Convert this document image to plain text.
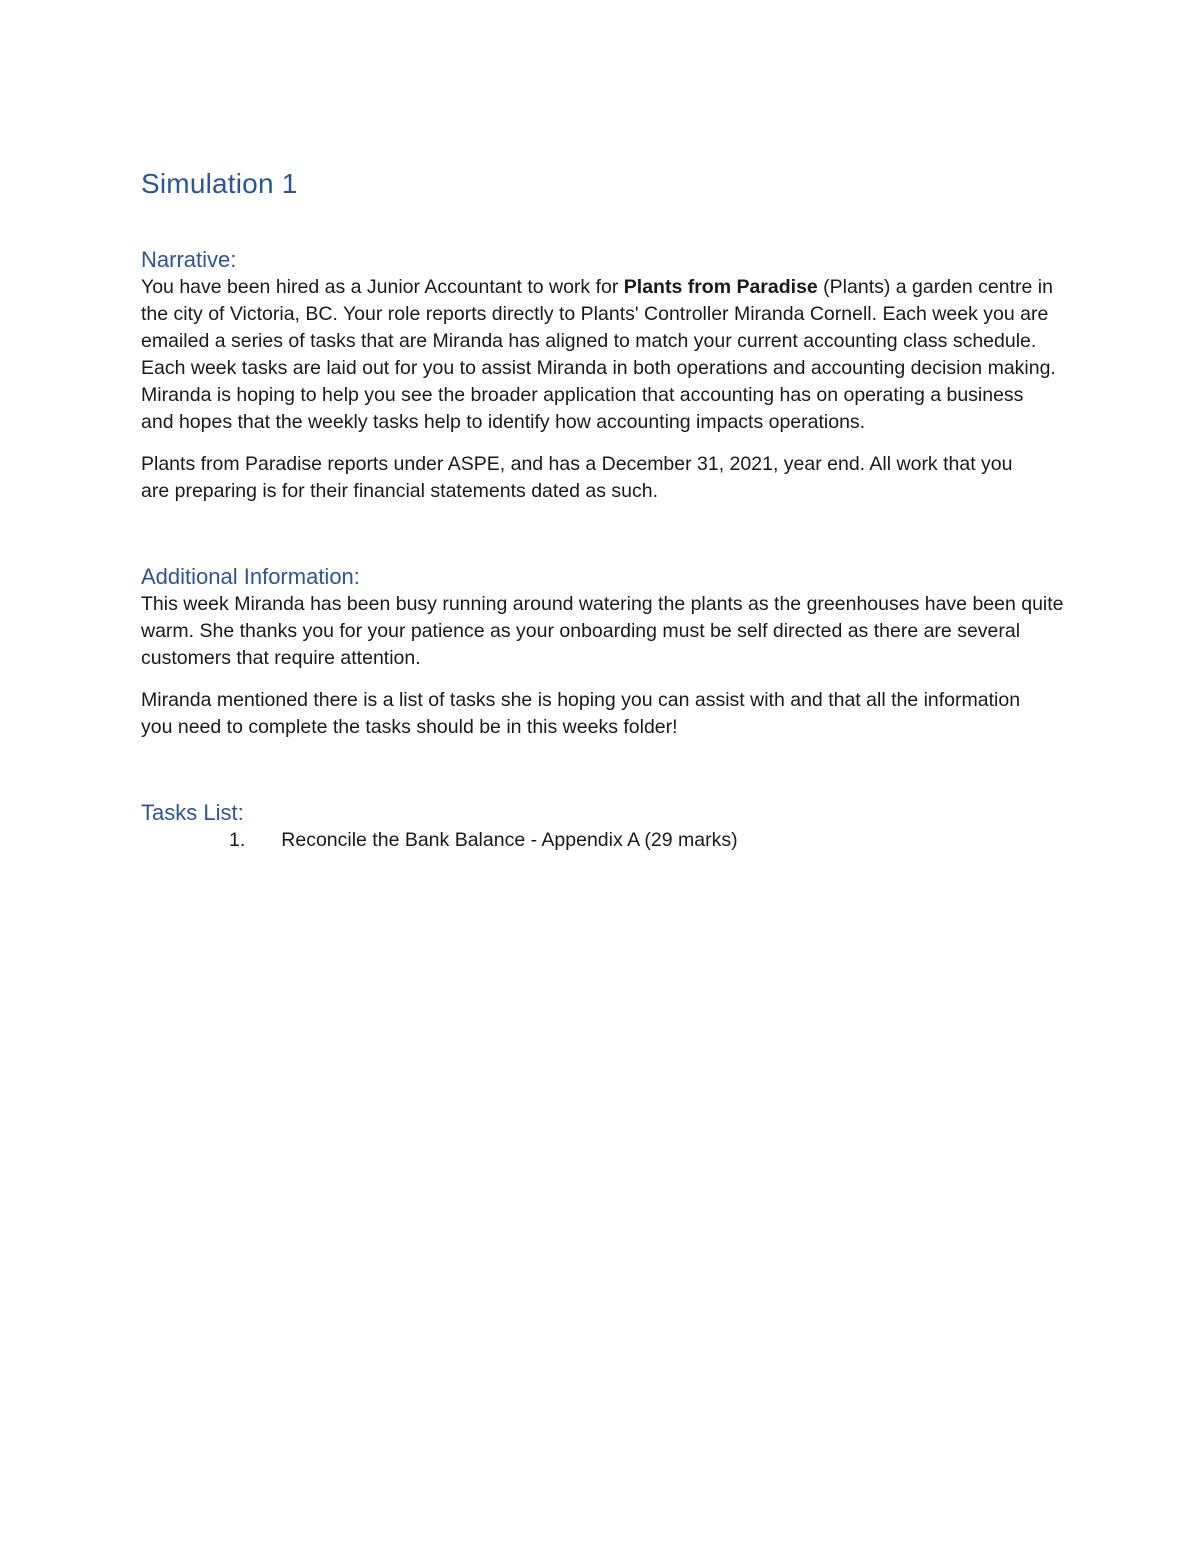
Simulation 1
Narrative:

You have been hired as a Junior Accountant to work for Plants from Paradise (Plants) a garden centre in the city of Victoria, BC. Your role reports directly to Plants' Controller Miranda Cornell. Each week you are emailed a series of tasks that are Miranda has aligned to match your current accounting class schedule. Each week tasks are laid out for you to assist Miranda in both operations and accounting decision making. Miranda is hoping to help you see the broader application that accounting has on operating a business and hopes that the weekly tasks help to identify how accounting impacts operations.

Plants from Paradise reports under ASPE, and has a December 31, 2021, year end. All work that you are preparing is for their financial statements dated as such.

Additional Information:

This week Miranda has been busy running around watering the plants as the greenhouses have been quite warm. She thanks you for your patience as your onboarding must be self directed as there are several customers that require attention.

Miranda mentioned there is a list of tasks she is hoping you can assist with and that all the information you need to complete the tasks should be in this weeks folder!

Tasks List:
1. Reconcile the Bank Balance - Appendix A (29 marks)
